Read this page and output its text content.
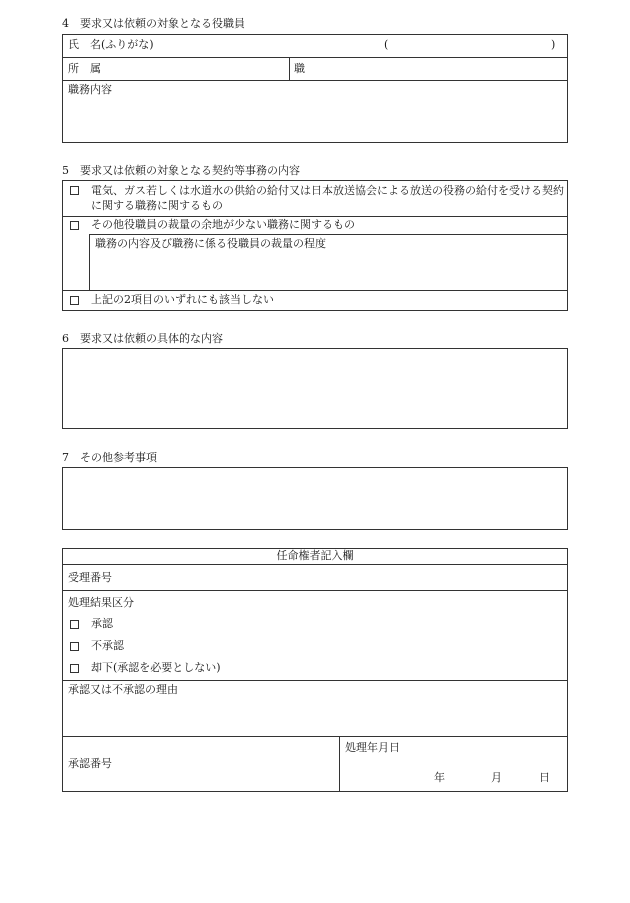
4　要求又は依頼の対象となる役職員
氏　名(ふりがな)	(	)
所　属	職
職務内容
5　要求又は依頼の対象となる契約等事務の内容
電気、ガス若しくは水道水の供給の給付又は日本放送協会による放送の役務の給付を受ける契約に関する職務に関するもの
その他役職員の裁量の余地が少ない職務に関するもの
職務の内容及び職務に係る役職員の裁量の程度
上記の2項目のいずれにも該当しない
6　要求又は依頼の具体的な内容
7　その他参考事項
任命権者記入欄
受理番号
処理結果区分
承認
不承認
却下(承認を必要としない)
承認又は不承認の理由
承認番号
処理年月日
年	月	日
